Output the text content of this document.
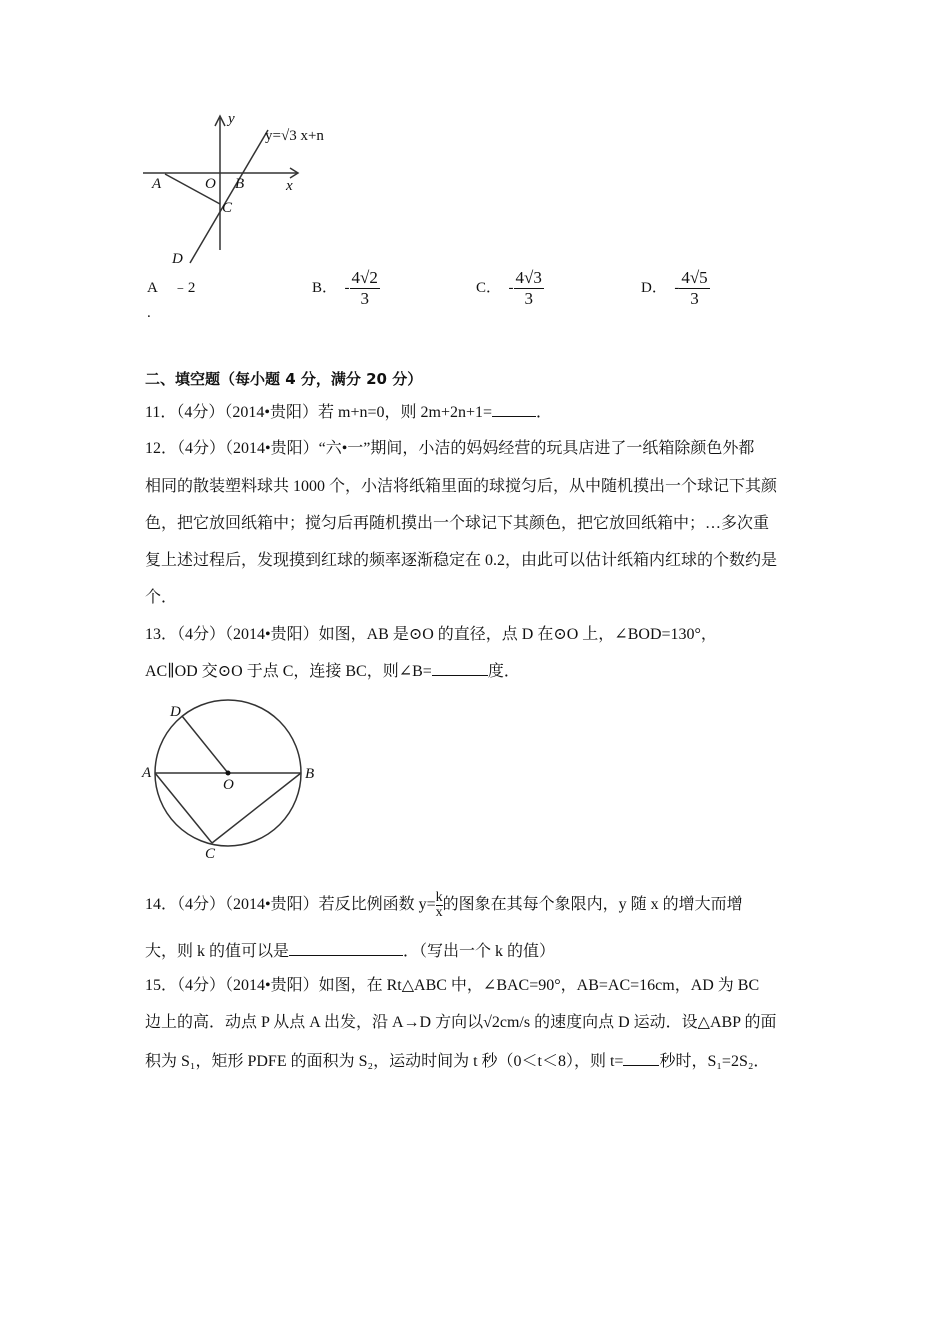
y
x
O
A	B
C
D
y=√3 x+n
A ﹣2
.
B． - $\frac{4√2}{3}$	C． - $\frac{4√3}{3}$	D． - $\frac{4√5}{3}$
二、填空题（每小题 4 分，满分 20 分）
11．（4分）（2014•贵阳）若 m+n=0，则 2m+2n+1=	．
12．（4分）（2014•贵阳）“六•一”期间，小洁的妈妈经营的玩具店进了一纸箱除颜色外都
相同的散装塑料球共 1000 个，小洁将纸箱里面的球搅匀后，从中随机摸出一个球记下其颜
色，把它放回纸箱中；搅匀后再随机摸出一个球记下其颜色，把它放回纸箱中；…多次重
复上述过程后，发现摸到红球的频率逐渐稳定在 0.2，由此可以估计纸箱内红球的个数约是
个．
13．（4分）（2014•贵阳）如图，AB 是⊙O 的直径，点 D 在⊙O 上，∠BOD=130°，
AC∥OD 交⊙O 于点 C，连接 BC，则∠B=	度．
D
A
O
B
C
14．（4分）（2014•贵阳）若反比例函数 $y= \frac{k}{x}$ 的图象在其每个象限内，y 随 x 的增大而增
大，则 k 的值可以是	．（写出一个 k 的值）
15．（4分）（2014•贵阳）如图，在 Rt△ABC 中，∠BAC=90°，AB=AC=16cm，AD 为 BC
边上的高．动点 P 从点 A 出发，沿 A→D 方向以√2cm/s 的速度向点 D 运动．设△ABP 的面
积为 S₁，矩形 PDFE 的面积为 S₂，运动时间为 t 秒（0＜t＜8），则 t= 秒时，S₁=2S₂．
